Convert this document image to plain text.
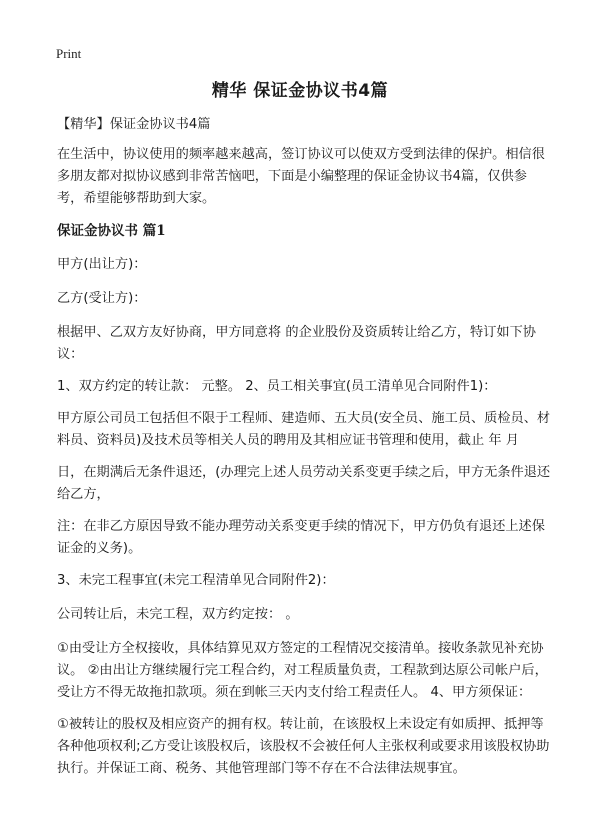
Print
精华 保证金协议书4篇

【精华】保证金协议书4篇

在生活中，协议使用的频率越来越高，签订协议可以使双方受到法律的保护。相信很多朋友都对拟协议感到非常苦恼吧，下面是小编整理的保证金协议书4篇，仅供参考，希望能够帮助到大家。

保证金协议书 篇1

甲方(出让方)：

乙方(受让方)：

根据甲、乙双方友好协商，甲方同意将 的企业股份及资质转让给乙方，特订如下协议：

1、双方约定的转让款： 元整。 2、员工相关事宜(员工清单见合同附件1)：

甲方原公司员工包括但不限于工程师、建造师、五大员(安全员、施工员、质检员、材料员、资料员)及技术员等相关人员的聘用及其相应证书管理和使用，截止 年 月

日，在期满后无条件退还，(办理完上述人员劳动关系变更手续之后，甲方无条件退还给乙方，

注：在非乙方原因导致不能办理劳动关系变更手续的情况下，甲方仍负有退还上述保证金的义务)。

3、未完工程事宜(未完工程清单见合同附件2)：

公司转让后，未完工程，双方约定按： 。

①由受让方全权接收，具体结算见双方签定的工程情况交接清单。接收条款见补充协议。 ②由出让方继续履行完工程合约，对工程质量负责，工程款到达原公司帐户后，受让方不得无故拖扣款项。须在到帐三天内支付给工程责任人。 4、甲方须保证：

①被转让的股权及相应资产的拥有权。转让前，在该股权上未设定有如质押、抵押等各种他项权利;乙方受让该股权后，该股权不会被任何人主张权利或要求用该股权协助执行。并保证工商、税务、其他管理部门等不存在不合法律法规事宜。
